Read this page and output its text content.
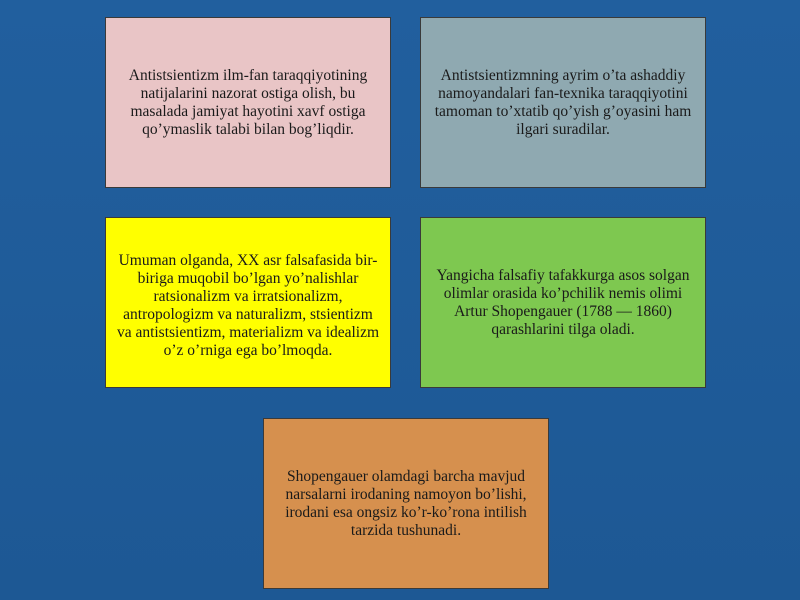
Antistsientizm ilm-fan taraqqiyotining natijalarini nazorat ostiga olish, bu masalada jamiyat hayotini xavf ostiga qo’ymaslik talabi bilan bog’liqdir.
Antistsientizmning ayrim o’ta ashaddiy namoyandalari fan-texnika taraqqiyotini tamoman to’xtatib qo’yish g’oyasini ham ilgari suradilar.
Umuman olganda, XX asr falsafasida bir-biriga muqobil bo’lgan yo’nalishlar ratsionalizm va irratsionalizm, antropologizm va naturalizm, stsientizm va antistsientizm, materializm va idealizm o’z o’rniga ega bo’lmoqda.
Yangicha falsafiy tafakkurga asos solgan olimlar orasida ko’pchilik nemis olimi Artur Shopengauer (1788 — 1860) qarashlarini tilga oladi.
Shopengauer olamdagi barcha mavjud narsalarni irodaning namoyon bo’lishi, irodani esa ongsiz ko’r-ko’rona intilish tarzida tushunadi.
